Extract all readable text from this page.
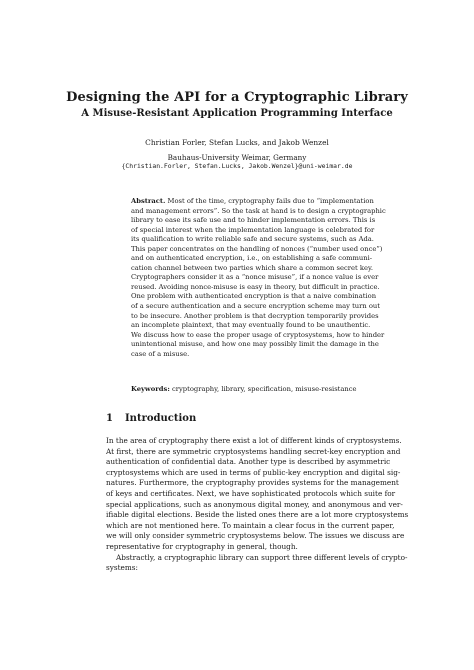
Designing the API for a Cryptographic Library
A Misuse-Resistant Application Programming Interface
Christian Forler, Stefan Lucks, and Jakob Wenzel
Bauhaus-University Weimar, Germany
{Christian.Forler, Stefan.Lucks, Jakob.Wenzel}@uni-weimar.de
Abstract. Most of the time, cryptography fails due to “implementation
and management errors”. So the task at hand is to design a cryptographic
library to ease its safe use and to hinder implementation errors. This is
of special interest when the implementation language is celebrated for
its qualification to write reliable safe and secure systems, such as Ada.
This paper concentrates on the handling of nonces (“number used once”)
and on authenticated encryption, i.e., on establishing a safe communi-
cation channel between two parties which share a common secret key.
Cryptographers consider it as a “nonce misuse”, if a nonce value is ever
reused. Avoiding nonce-misuse is easy in theory, but difficult in practice.
One problem with authenticated encryption is that a naive combination
of a secure authentication and a secure encryption scheme may turn out
to be insecure. Another problem is that decryption temporarily provides
an incomplete plaintext, that may eventually found to be unauthentic.
We discuss how to ease the proper usage of cryptosystems, how to hinder
unintentional misuse, and how one may possibly limit the damage in the
case of a misuse.
Keywords: cryptography, library, specification, misuse-resistance
1 Introduction
In the area of cryptography there exist a lot of different kinds of cryptosystems.
At first, there are symmetric cryptosystems handling secret-key encryption and
authentication of confidential data. Another type is described by asymmetric
cryptosystems which are used in terms of public-key encryption and digital sig-
natures. Furthermore, the cryptography provides systems for the management
of keys and certificates. Next, we have sophisticated protocols which suite for
special applications, such as anonymous digital money, and anonymous and ver-
ifiable digital elections. Beside the listed ones there are a lot more cryptosystems
which are not mentioned here. To maintain a clear focus in the current paper,
we will only consider symmetric cryptosystems below. The issues we discuss are
representative for cryptography in general, though.
Abstractly, a cryptographic library can support three different levels of crypto-
systems:
